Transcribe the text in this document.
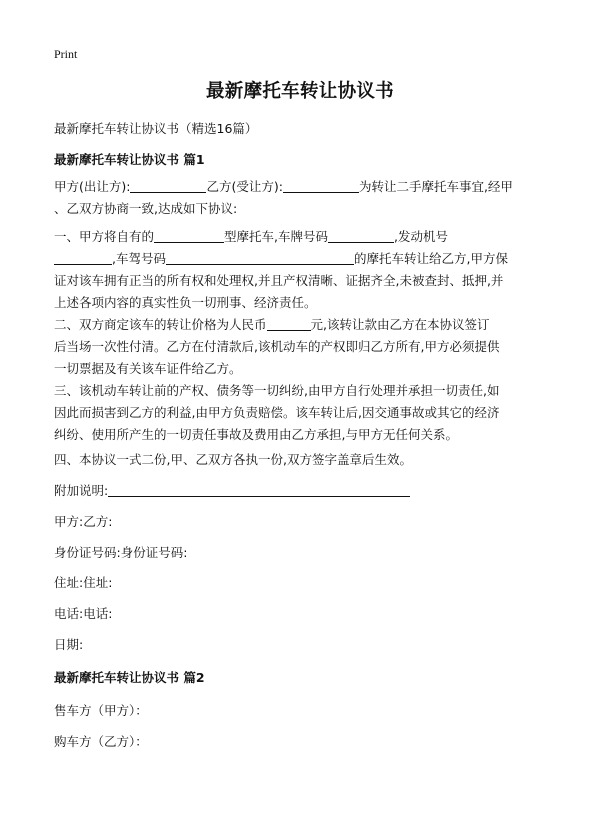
Print
最新摩托车转让协议书
最新摩托车转让协议书（精选16篇）
最新摩托车转让协议书 篇1
甲方(出让方):	乙方(受让方):	为转让二手摩托车事宜,经甲
、乙双方协商一致,达成如下协议:
一、甲方将自有的	型摩托车,车牌号码	,发动机号
,车驾号码	的摩托车转让给乙方,甲方保
证对该车拥有正当的所有权和处理权,并且产权清晰、证据齐全,未被查封、抵押,并
上述各项内容的真实性负一切刑事、经济责任。
二、双方商定该车的转让价格为人民币	元,该转让款由乙方在本协议签订
后当场一次性付清。乙方在付清款后,该机动车的产权即归乙方所有,甲方必须提供
一切票据及有关该车证件给乙方。
三、该机动车转让前的产权、债务等一切纠纷,由甲方自行处理并承担一切责任,如
因此而损害到乙方的利益,由甲方负责赔偿。该车转让后,因交通事故或其它的经济
纠纷、使用所产生的一切责任事故及费用由乙方承担,与甲方无任何关系。
四、本协议一式二份,甲、乙双方各执一份,双方签字盖章后生效。
附加说明:
甲方:乙方:
身份证号码:身份证号码:
住址:住址:
电话:电话:
日期:
最新摩托车转让协议书 篇2
售车方（甲方）：
购车方（乙方）：
